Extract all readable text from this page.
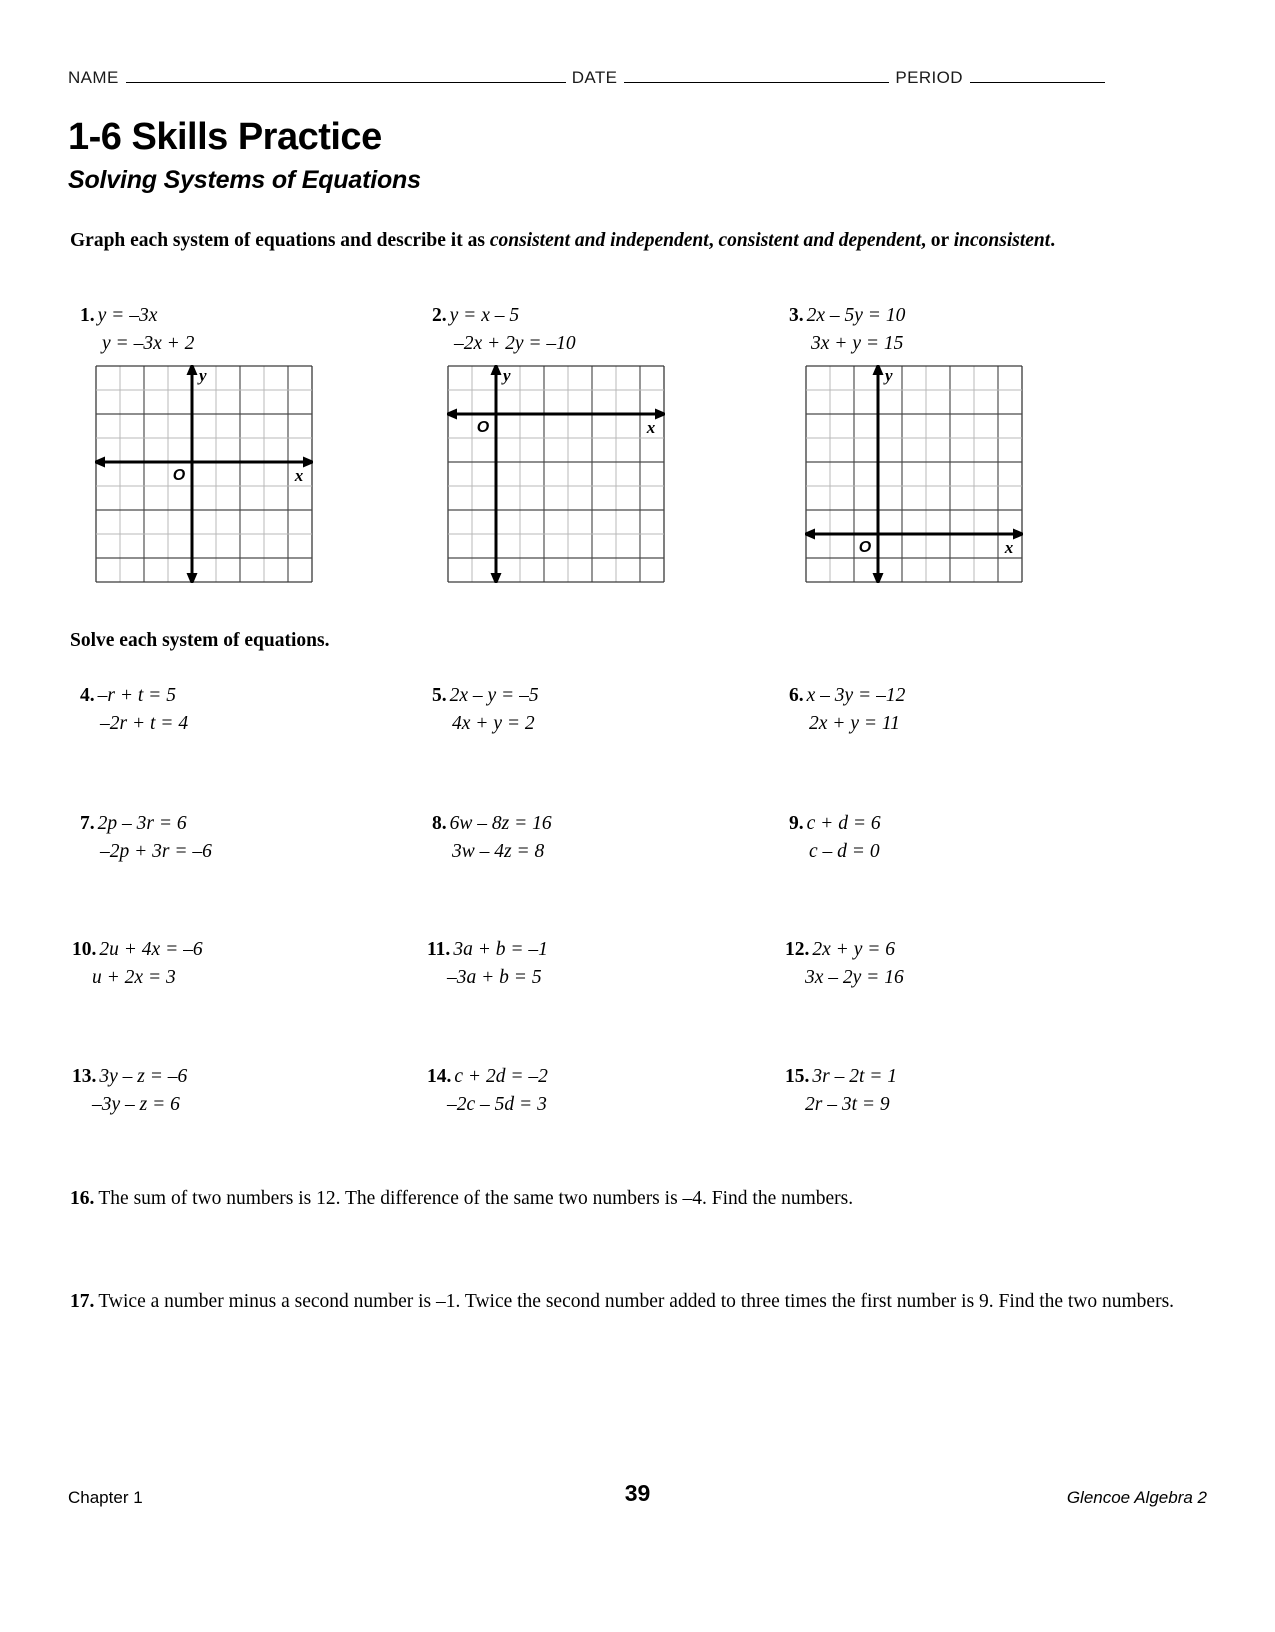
NAME	DATE	PERIOD
1-6 Skills Practice
Solving Systems of Equations
Graph each system of equations and describe it as consistent and independent, consistent and dependent, or inconsistent.
1. y = –3x
y = –3x + 2
2. y = x – 5
–2x + 2y = –10
3. 2x – 5y = 10
3x + y = 15
y
x
O
y
x
O
y
x
O
Solve each system of equations.
4. –r + t = 5
–2r + t = 4
5. 2x – y = –5
4x + y = 2
6. x – 3y = –12
2x + y = 11
7. 2p – 3r = 6
–2p + 3r = –6
8. 6w – 8z = 16
3w – 4z = 8
9. c + d = 6
c – d = 0
10. 2u + 4x = –6
u + 2x = 3
11. 3a + b = –1
–3a + b = 5
12. 2x + y = 6
3x – 2y = 16
13. 3y – z = –6
–3y – z = 6
14. c + 2d = –2
–2c – 5d = 3
15. 3r – 2t = 1
2r – 3t = 9
16. The sum of two numbers is 12. The difference of the same two numbers is –4. Find the numbers.
17. Twice a number minus a second number is –1. Twice the second number added to three times the first number is 9. Find the two numbers.
Chapter 1	39	Glencoe Algebra 2
